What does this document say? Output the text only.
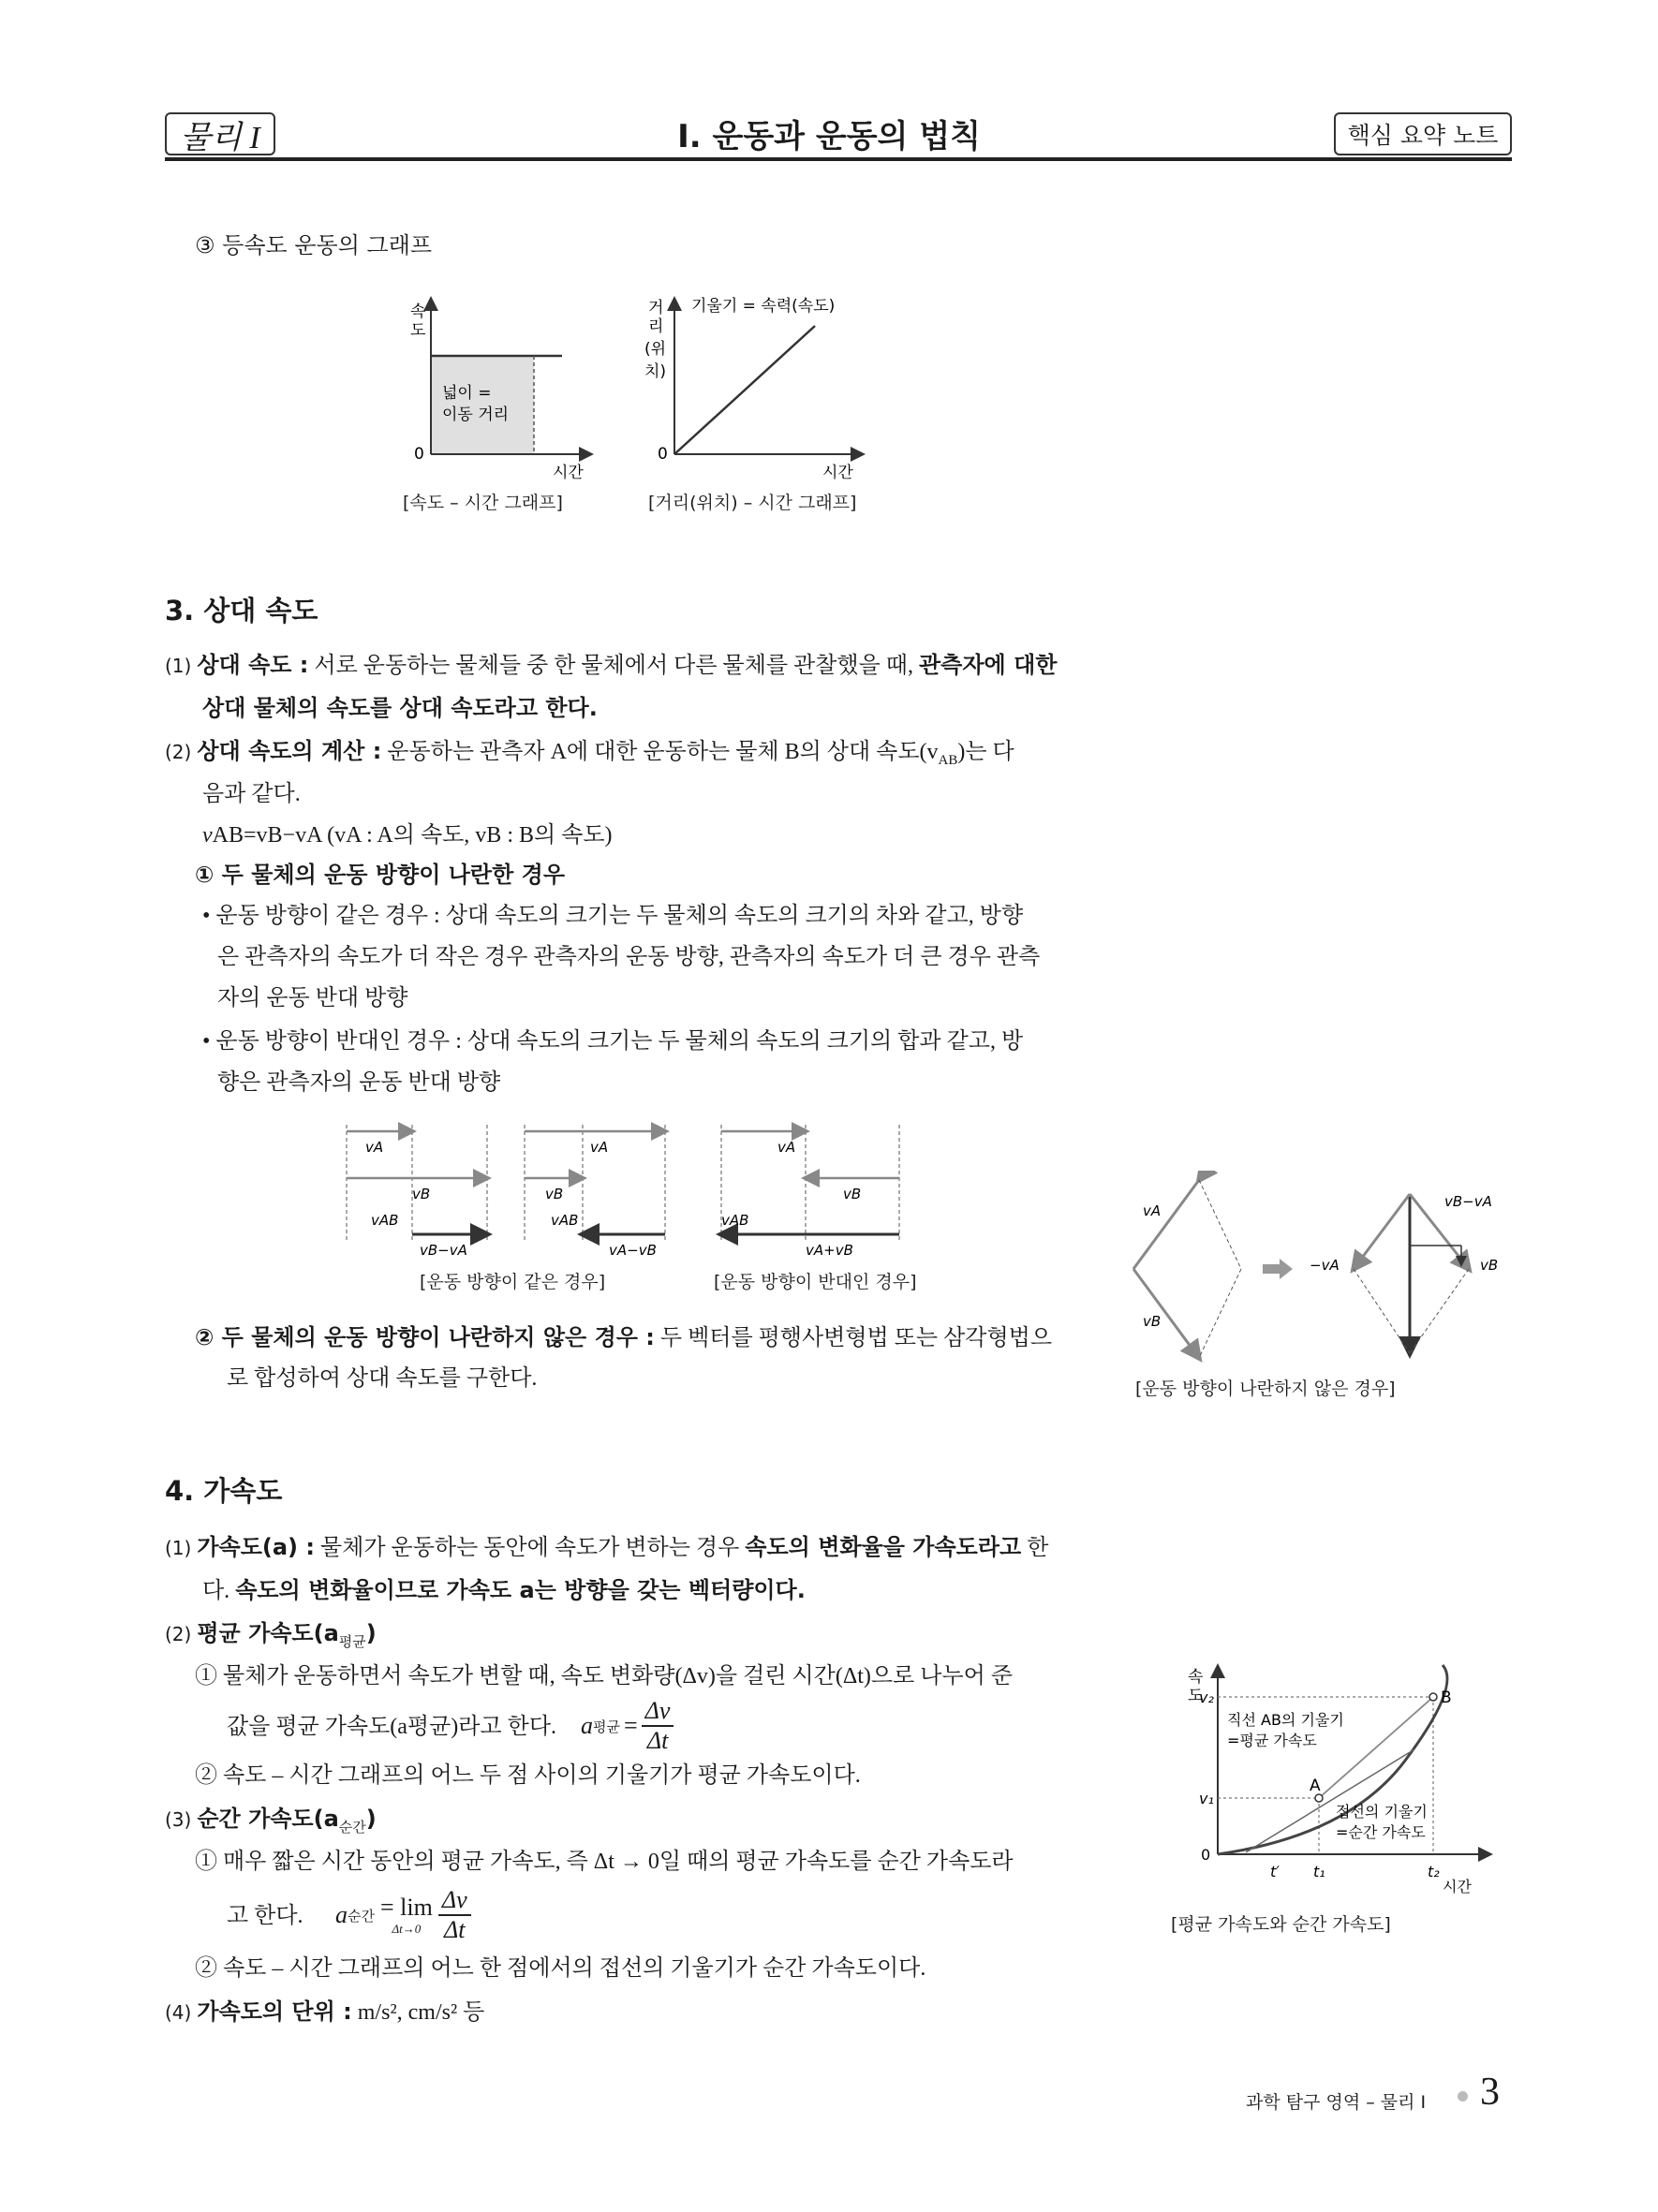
물리 I	Ⅰ. 운동과 운동의 법칙	핵심 요약 노트
③ 등속도 운동의 그래프
속
도
0
시간
넓이 =
이동 거리
[속도 – 시간 그래프]
거
리
(위
치)
0
시간
기울기 = 속력(속도)
[거리(위치) – 시간 그래프]
3. 상대 속도
(1) 상대 속도 : 서로 운동하는 물체들 중 한 물체에서 다른 물체를 관찰했을 때, 관측자에 대한
상대 물체의 속도를 상대 속도라고 한다.
(2) 상대 속도의 계산 : 운동하는 관측자 A에 대한 운동하는 물체 B의 상대 속도$(v_{AB})$는 다
음과 같다.
vAB=vB−vA (vA : A의 속도, vB : B의 속도)
① 두 물체의 운동 방향이 나란한 경우
• 운동 방향이 같은 경우 : 상대 속도의 크기는 두 물체의 속도의 크기의 차와 같고, 방향
은 관측자의 속도가 더 작은 경우 관측자의 운동 방향, 관측자의 속도가 더 큰 경우 관측
자의 운동 반대 방향
• 운동 방향이 반대인 경우 : 상대 속도의 크기는 두 물체의 속도의 크기의 합과 같고, 방
향은 관측자의 운동 반대 방향
vA
vB
vAB
vB−vA
vA
vB
vAB
vA−vB
vA
vB
vAB
vA+vB
[운동 방향이 같은 경우]	[운동 방향이 반대인 경우]
vA
vB
−vA
vB−vA
vB
[운동 방향이 나란하지 않은 경우]
② 두 물체의 운동 방향이 나란하지 않은 경우 : 두 벡터를 평행사변형법 또는 삼각형법으
로 합성하여 상대 속도를 구한다.
4. 가속도
(1) 가속도(a) : 물체가 운동하는 동안에 속도가 변하는 경우 속도의 변화율을 가속도라고 한
다. 속도의 변화율이므로 가속도 a는 방향을 갖는 벡터량이다.
(2) 평균 가속도$(a_{평균})$
① 물체가 운동하면서 속도가 변할 때, 속도 변화량(Δv)을 걸린 시간(Δt)으로 나누어 준
값을 평균 가속도(a평균)라고 한다. a 평균 = $\frac{\Delta v}{\Delta t}$
② 속도 – 시간 그래프의 어느 두 점 사이의 기울기가 평균 가속도이다.
(3) 순간 가속도$(a_{순간})$
① 매우 짧은 시간 동안의 평균 가속도, 즉 Δt → 0일 때의 평균 가속도를 순간 가속도라
고 한다. a 순간 = lim
$\Delta t\to 0 \frac{\Delta v}{\Delta t}$
② 속도 – 시간 그래프의 어느 한 점에서의 접선의 기울기가 순간 가속도이다.
(4) 가속도의 단위 : m/s², cm/s² 등
속
도
v₂
v₁
0
t′ t₁	t₂
시간
A
B
직선 AB의 기울기
=평균 가속도
접선의 기울기
=순간 가속도
[평균 가속도와 순간 가속도]
과학 탐구 영역 – 물리 I 3
